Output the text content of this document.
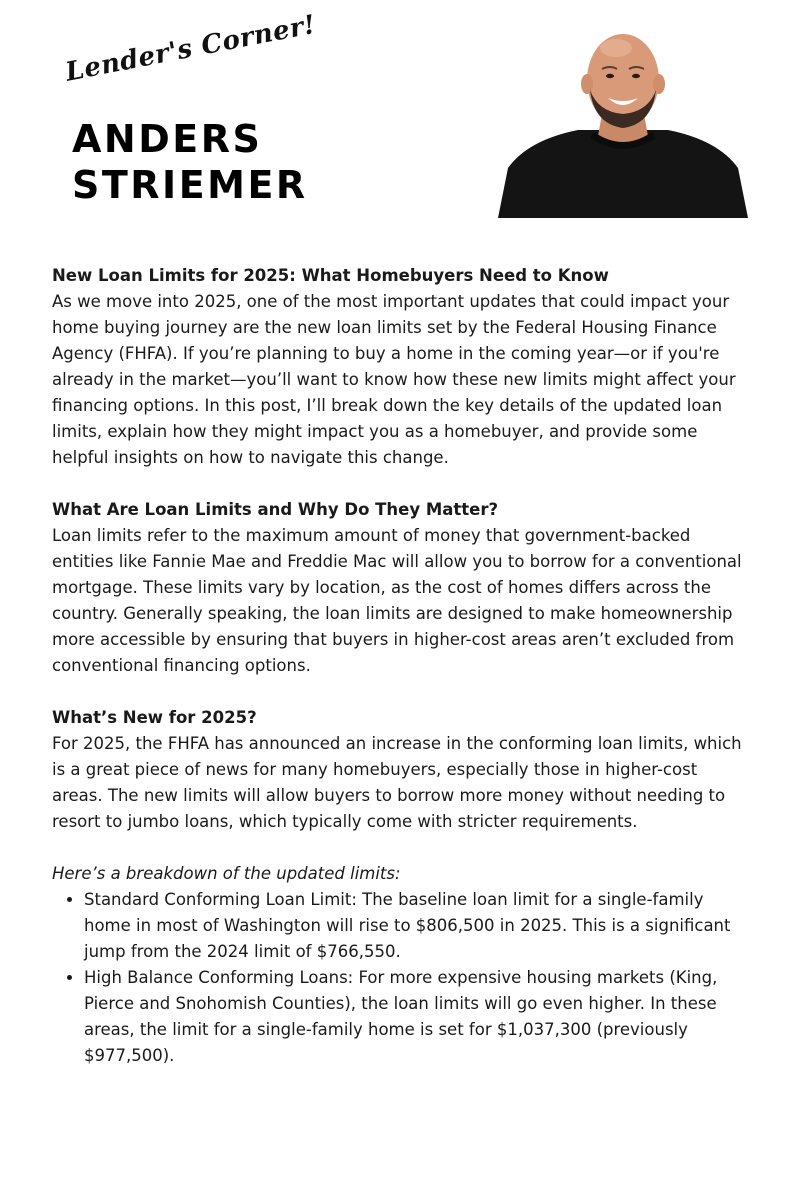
Lender's Corner!
ANDERS
STRIEMER
New Loan Limits for 2025: What Homebuyers Need to Know
As we move into 2025, one of the most important updates that could impact your home buying journey are the new loan limits set by the Federal Housing Finance Agency (FHFA). If you’re planning to buy a home in the coming year—or if you're already in the market—you’ll want to know how these new limits might affect your financing options. In this post, I’ll break down the key details of the updated loan limits, explain how they might impact you as a homebuyer, and provide some helpful insights on how to navigate this change.
What Are Loan Limits and Why Do They Matter?
Loan limits refer to the maximum amount of money that government-backed entities like Fannie Mae and Freddie Mac will allow you to borrow for a conventional mortgage. These limits vary by location, as the cost of homes differs across the country. Generally speaking, the loan limits are designed to make homeownership more accessible by ensuring that buyers in higher-cost areas aren’t excluded from conventional financing options.
What’s New for 2025?
For 2025, the FHFA has announced an increase in the conforming loan limits, which is a great piece of news for many homebuyers, especially those in higher-cost areas. The new limits will allow buyers to borrow more money without needing to resort to jumbo loans, which typically come with stricter requirements.
Here’s a breakdown of the updated limits:
• Standard Conforming Loan Limit: The baseline loan limit for a single-family home in most of Washington will rise to $806,500 in 2025. This is a significant jump from the 2024 limit of $766,550.
• High Balance Conforming Loans: For more expensive housing markets (King, Pierce and Snohomish Counties), the loan limits will go even higher. In these areas, the limit for a single-family home is set for $1,037,300 (previously $977,500).
